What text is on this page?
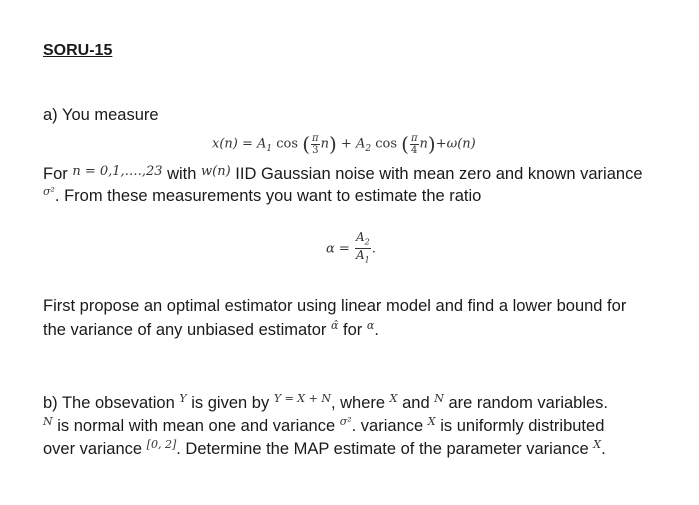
SORU-15
a) You measure
$x(n) = A_1$ cos ( $\frac{\pi}{3} n) + A_2$ cos ( $\frac{\pi}{4} n)+\omega(n)$
For $^{n = 0,1,\dots.,23}$ with $^{w(n)}$ IID Gaussian noise with mean zero and known variance
$^{\sigma^2}$. From these measurements you want to estimate the ratio
$\alpha = \frac{A_2}{A_1}$ .
First propose an optimal estimator using linear model and find a lower bound for
the variance of any unbiased estimator $^{\alphâ}$ for $^\alpha$.
b) The obsevation $^Y$ is given by $^{Y = X + N}$, where $^X$ and $^N$ are random variables.
$^N$ is normal with mean one and variance $^{\sigma^2}$. variance $^X$ is uniformly distributed
over variance [0, 2]. Determine the MAP estimate of the parameter variance $^X$.
